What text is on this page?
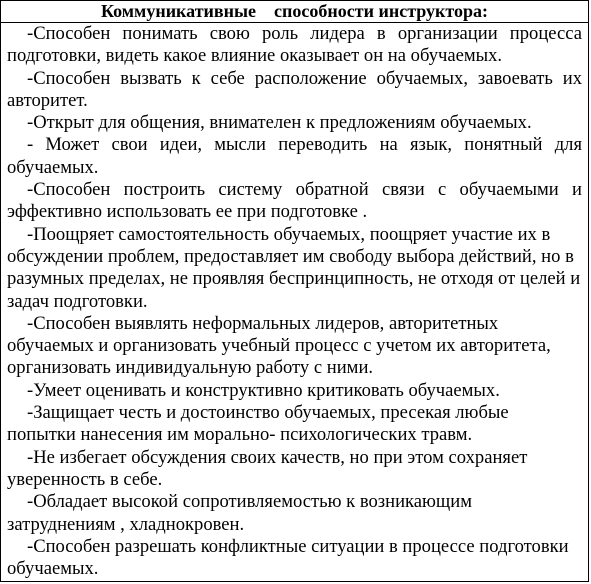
Коммуникативные    способности инструктора:

-Способен понимать свою роль лидера в организации процесса подготовки, видеть какое влияние оказывает он на обучаемых.

-Способен вызвать к себе расположение обучаемых, завоевать их авторитет.

-Открыт для общения, внимателен к предложениям обучаемых.

- Может свои идеи, мысли переводить на язык, понятный для обучаемых.

-Способен построить систему обратной связи с обучаемыми и эффективно использовать ее при подготовке .

-Поощряет самостоятельность обучаемых, поощряет участие их в обсуждении проблем, предоставляет им свободу выбора действий, но в разумных пределах, не проявляя беспринципность, не отходя от целей и задач подготовки.

-Способен выявлять неформальных лидеров, авторитетных обучаемых и организовать учебный процесс с учетом их авторитета, организовать индивидуальную работу с ними.

-Умеет оценивать и конструктивно критиковать обучаемых.

-Защищает честь и достоинство обучаемых, пресекая любые попытки нанесения им морально- психологических травм.

-Не избегает обсуждения своих качеств, но при этом сохраняет уверенность в себе.

-Обладает высокой сопротивляемостью к возникающим затруднениям , хладнокровен.

-Способен разрешать конфликтные ситуации в процессе подготовки обучаемых.
